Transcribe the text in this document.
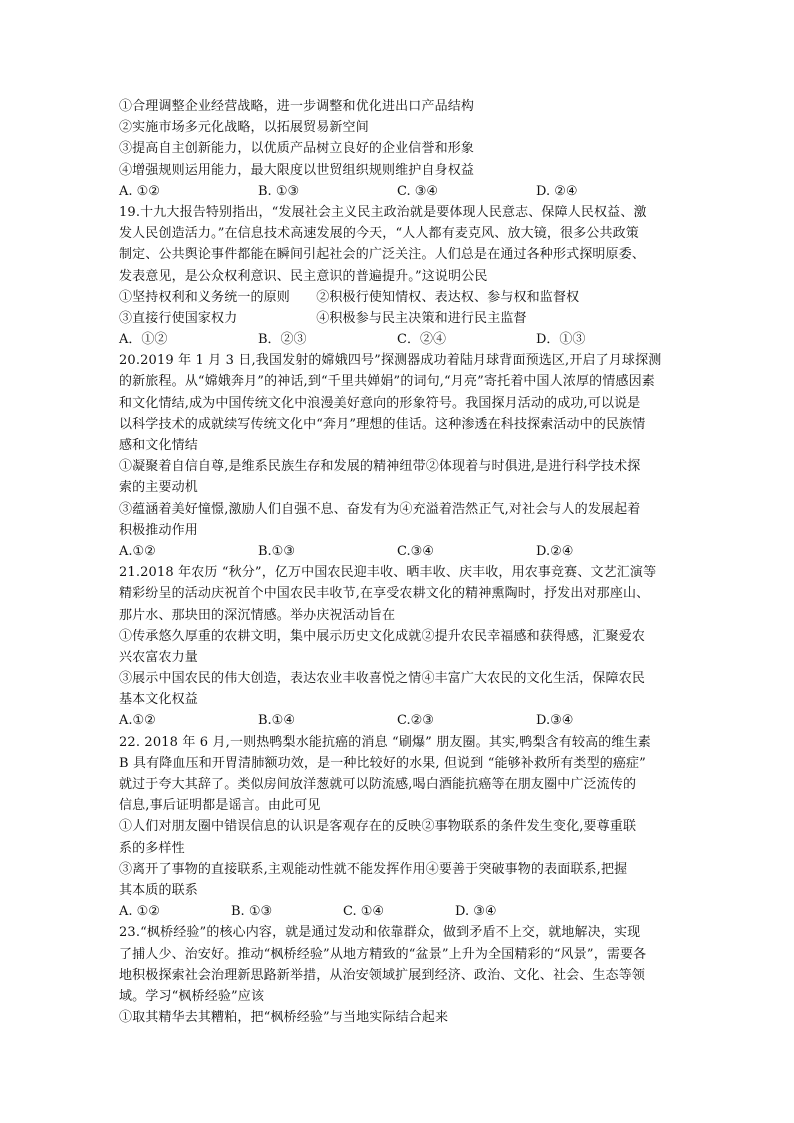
①合理调整企业经营战略，进一步调整和优化进出口产品结构
②实施市场多元化战略，以拓展贸易新空间
③提高自主创新能力，以优质产品树立良好的企业信誉和形象
④增强规则运用能力，最大限度以世贸组织规则维护自身权益
A. ①②	B. ①③	C. ③④	D. ②④
19.十九大报告特别指出，“发展社会主义民主政治就是要体现人民意志、保障人民权益、激
发人民创造活力。”在信息技术高速发展的今天，“人人都有麦克风、放大镜，很多公共政策
制定、公共舆论事件都能在瞬间引起社会的广泛关注。人们总是在通过各种形式探明原委、
发表意见，是公众权利意识、民主意识的普遍提升。”这说明公民
①坚持权利和义务统一的原则　　②积极行使知情权、表达权、参与权和监督权
③直接行使国家权力　　　　　　④积极参与民主决策和进行民主监督
A．①②	B．②③	C．②④	D．①③
20.2019 年 1 月 3 日,我国发射的嫦娥四号”探测器成功着陆月球背面预选区,开启了月球探测
的新旅程。从“嫦娥奔月”的神话,到“千里共婵娟”的词句,“月亮”寄托着中国人浓厚的情感因素
和文化情结,成为中国传统文化中浪漫美好意向的形象符号。我国探月活动的成功,可以说是
以科学技术的成就续写传统文化中“奔月”理想的佳话。这种渗透在科技探索活动中的民族情
感和文化情结
①凝聚着自信自尊,是维系民族生存和发展的精神纽带②体现着与时俱进,是进行科学技术探
索的主要动机
③蕴涵着美好憧憬,激励人们自强不息、奋发有为④充溢着浩然正气,对社会与人的发展起着
积极推动作用
A.①②	B.①③	C.③④	D.②④
21.2018 年农历 “秋分”，亿万中国农民迎丰收、晒丰收、庆丰收，用农事竞赛、文艺汇演等
精彩纷呈的活动庆祝首个中国农民丰收节,在享受农耕文化的精神熏陶时，抒发出对那座山、
那片水、那块田的深沉情感。举办庆祝活动旨在
①传承悠久厚重的农耕文明，集中展示历史文化成就②提升农民幸福感和获得感，汇聚爱农
兴农富农力量
③展示中国农民的伟大创造，表达农业丰收喜悦之情④丰富广大农民的文化生活，保障农民
基本文化权益
A.①②	B.①④	C.②③	D.③④
22. 2018 年 6 月,一则热鸭梨水能抗癌的消息 “刷爆” 朋友圈。其实,鸭梨含有较高的维生素
B 具有降血压和开胃清肺额功效，是一种比较好的水果, 但说到 “能够补救所有类型的癌症”
就过于夸大其辞了。类似房间放洋葱就可以防流感,喝白酒能抗癌等在朋友圈中广泛流传的
信息,事后证明都是谣言。由此可见
①人们对朋友圈中错误信息的认识是客观存在的反映②事物联系的条件发生变化,要尊重联
系的多样性
③离开了事物的直接联系,主观能动性就不能发挥作用④要善于突破事物的表面联系,把握
其本质的联系
A. ①②	B. ①③	C. ①④	D. ③④
23.“枫桥经验”的核心内容，就是通过发动和依靠群众，做到矛盾不上交，就地解决，实现
了捕人少、治安好。推动“枫桥经验”从地方精致的“盆景”上升为全国精彩的“风景”，需要各
地积极探索社会治理新思路新举措，从治安领域扩展到经济、政治、文化、社会、生态等领
域。学习“枫桥经验”应该
①取其精华去其糟粕，把“枫桥经验”与当地实际结合起来
